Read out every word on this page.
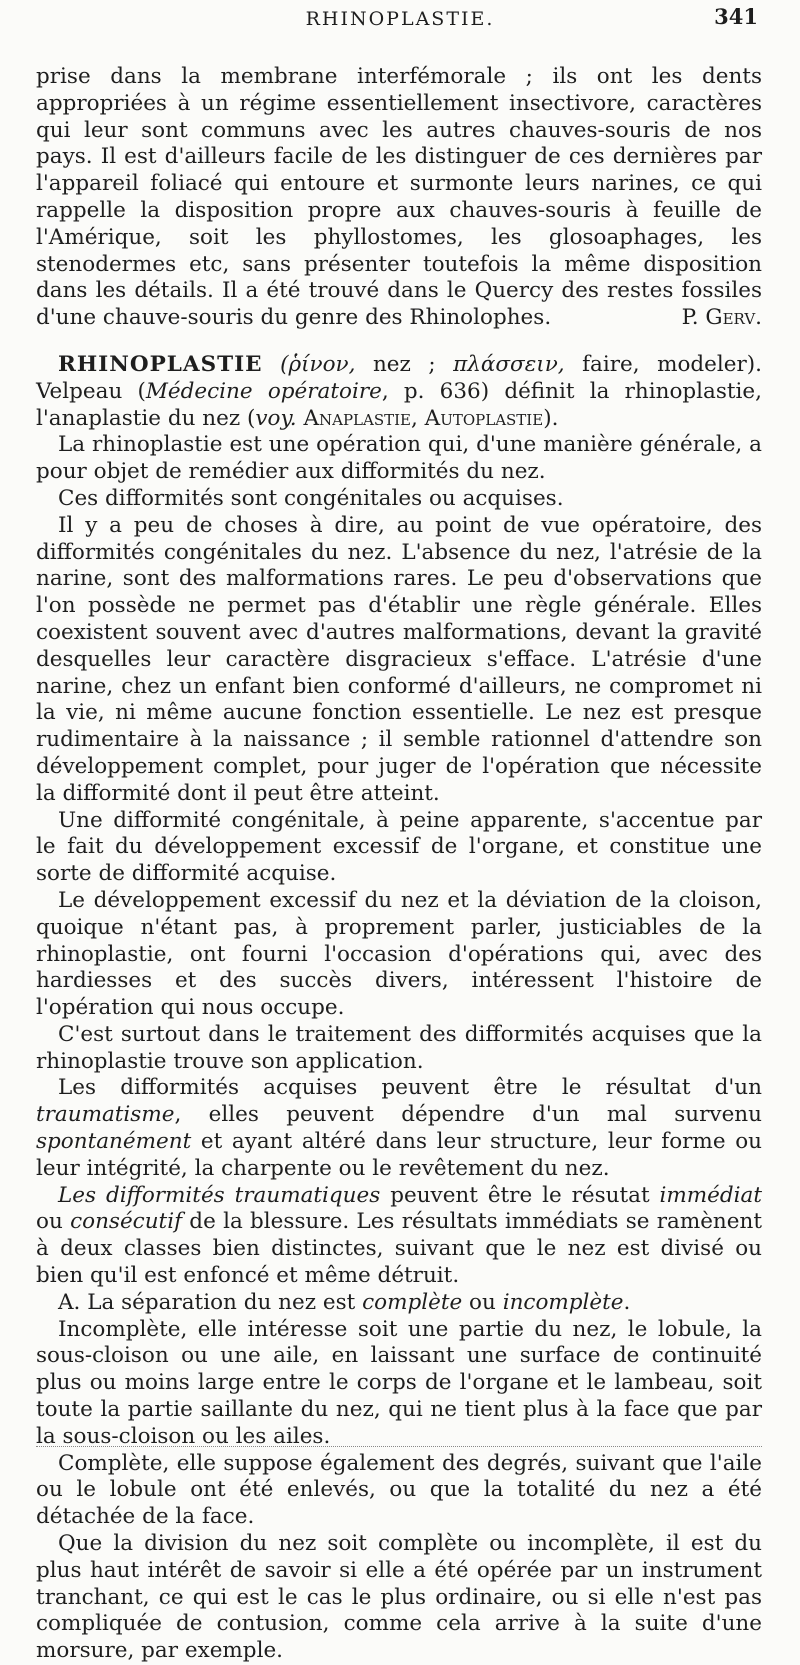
RHINOPLASTIE.	341

prise dans la membrane interfémorale ; ils ont les dents appropriées à un régime essentiellement insectivore, caractères qui leur sont communs avec les autres chauves-souris de nos pays. Il est d'ailleurs facile de les distinguer de ces dernières par l'appareil foliacé qui entoure et surmonte leurs narines, ce qui rappelle la disposition propre aux chauves-souris à feuille de l'Amérique, soit les phyllostomes, les glosoaphages, les stenodermes etc, sans présenter toutefois la même disposition dans les détails. Il a été trouvé dans le Quercy des restes fossiles d'une chauve-souris du genre des Rhinolophes.	P. Gerv.

RHINOPLASTIE (ῥίνον, nez ; πλάσσειν, faire, modeler). Velpeau (Médecine opératoire, p. 636) définit la rhinoplastie, l'anaplastie du nez (voy. Anaplastie, Autoplastie).

La rhinoplastie est une opération qui, d'une manière générale, a pour objet de remédier aux difformités du nez.

Ces difformités sont congénitales ou acquises.

Il y a peu de choses à dire, au point de vue opératoire, des difformités congénitales du nez. L'absence du nez, l'atrésie de la narine, sont des malformations rares. Le peu d'observations que l'on possède ne permet pas d'établir une règle générale. Elles coexistent souvent avec d'autres malformations, devant la gravité desquelles leur caractère disgracieux s'efface. L'atrésie d'une narine, chez un enfant bien conformé d'ailleurs, ne compromet ni la vie, ni même aucune fonction essentielle. Le nez est presque rudimentaire à la naissance ; il semble rationnel d'attendre son développement complet, pour juger de l'opération que nécessite la difformité dont il peut être atteint.

Une difformité congénitale, à peine apparente, s'accentue par le fait du développement excessif de l'organe, et constitue une sorte de difformité acquise.

Le développement excessif du nez et la déviation de la cloison, quoique n'étant pas, à proprement parler, justiciables de la rhinoplastie, ont fourni l'occasion d'opérations qui, avec des hardiesses et des succès divers, intéressent l'histoire de l'opération qui nous occupe.

C'est surtout dans le traitement des difformités acquises que la rhinoplastie trouve son application.

Les difformités acquises peuvent être le résultat d'un traumatisme, elles peuvent dépendre d'un mal survenu spontanément et ayant altéré dans leur structure, leur forme ou leur intégrité, la charpente ou le revêtement du nez.

Les difformités traumatiques peuvent être le résutat immédiat ou consécutif de la blessure. Les résultats immédiats se ramènent à deux classes bien distinctes, suivant que le nez est divisé ou bien qu'il est enfoncé et même détruit.

A. La séparation du nez est complète ou incomplète.

Incomplète, elle intéresse soit une partie du nez, le lobule, la sous-cloison ou une aile, en laissant une surface de continuité plus ou moins large entre le corps de l'organe et le lambeau, soit toute la partie saillante du nez, qui ne tient plus à la face que par la sous-cloison ou les ailes.

Complète, elle suppose également des degrés, suivant que l'aile ou le lobule ont été enlevés, ou que la totalité du nez a été détachée de la face.

Que la division du nez soit complète ou incomplète, il est du plus haut intérêt de savoir si elle a été opérée par un instrument tranchant, ce qui est le cas le plus ordinaire, ou si elle n'est pas compliquée de contusion, comme cela arrive à la suite d'une morsure, par exemple.
